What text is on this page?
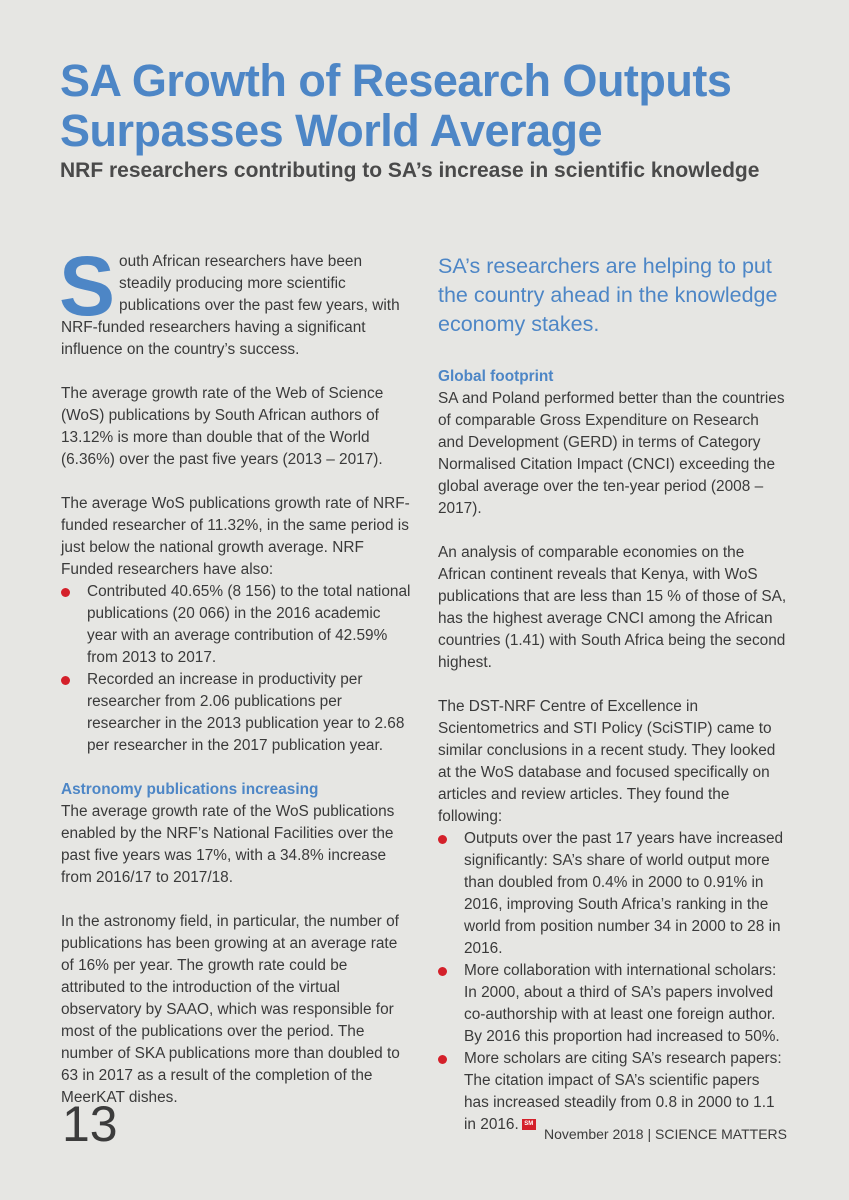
SA Growth of Research Outputs Surpasses World Average
NRF researchers contributing to SA’s increase in scientific knowledge

South African researchers have been steadily producing more scientific publications over the past few years, with NRF-funded researchers having a significant influence on the country’s success.

The average growth rate of the Web of Science (WoS) publications by South African authors of 13.12% is more than double that of the World (6.36%) over the past five years (2013 – 2017).

The average WoS publications growth rate of NRF-funded researcher of 11.32%, in the same period is just below the national growth average. NRF Funded researchers have also:

Contributed 40.65% (8 156) to the total national publications (20 066) in the 2016 academic year with an average contribution of 42.59% from 2013 to 2017.
Recorded an increase in productivity per researcher from 2.06 publications per researcher in the 2013 publication year to 2.68 per researcher in the 2017 publication year.
Astronomy publications increasing

The average growth rate of the WoS publications enabled by the NRF’s National Facilities over the past five years was 17%, with a 34.8% increase from 2016/17 to 2017/18.

In the astronomy field, in particular, the number of publications has been growing at an average rate of 16% per year. The growth rate could be attributed to the introduction of the virtual observatory by SAAO, which was responsible for most of the publications over the period. The number of SKA publications more than doubled to 63 in 2017 as a result of the completion of the MeerKAT dishes.

SA’s researchers are helping to put the country ahead in the knowledge economy stakes.
Global footprint

SA and Poland performed better than the countries of comparable Gross Expenditure on Research and Development (GERD) in terms of Category Normalised Citation Impact (CNCI) exceeding the global average over the ten-year period (2008 – 2017).

An analysis of comparable economies on the African continent reveals that Kenya, with WoS publications that are less than 15 % of those of SA, has the highest average CNCI among the African countries (1.41) with South Africa being the second highest.

The DST-NRF Centre of Excellence in Scientometrics and STI Policy (SciSTIP) came to similar conclusions in a recent study. They looked at the WoS database and focused specifically on articles and review articles. They found the following:

Outputs over the past 17 years have increased significantly: SA’s share of world output more than doubled from 0.4% in 2000 to 0.91% in 2016, improving South Africa’s ranking in the world from position number 34 in 2000 to 28 in 2016.
More collaboration with international scholars: In 2000, about a third of SA’s papers involved co-authorship with at least one foreign author. By 2016 this proportion had increased to 50%.
More scholars are citing SA’s research papers: The citation impact of SA’s scientific papers has increased steadily from 0.8 in 2000 to 1.1 in 2016. SM
13	November 2018 | SCIENCE MATTERS
